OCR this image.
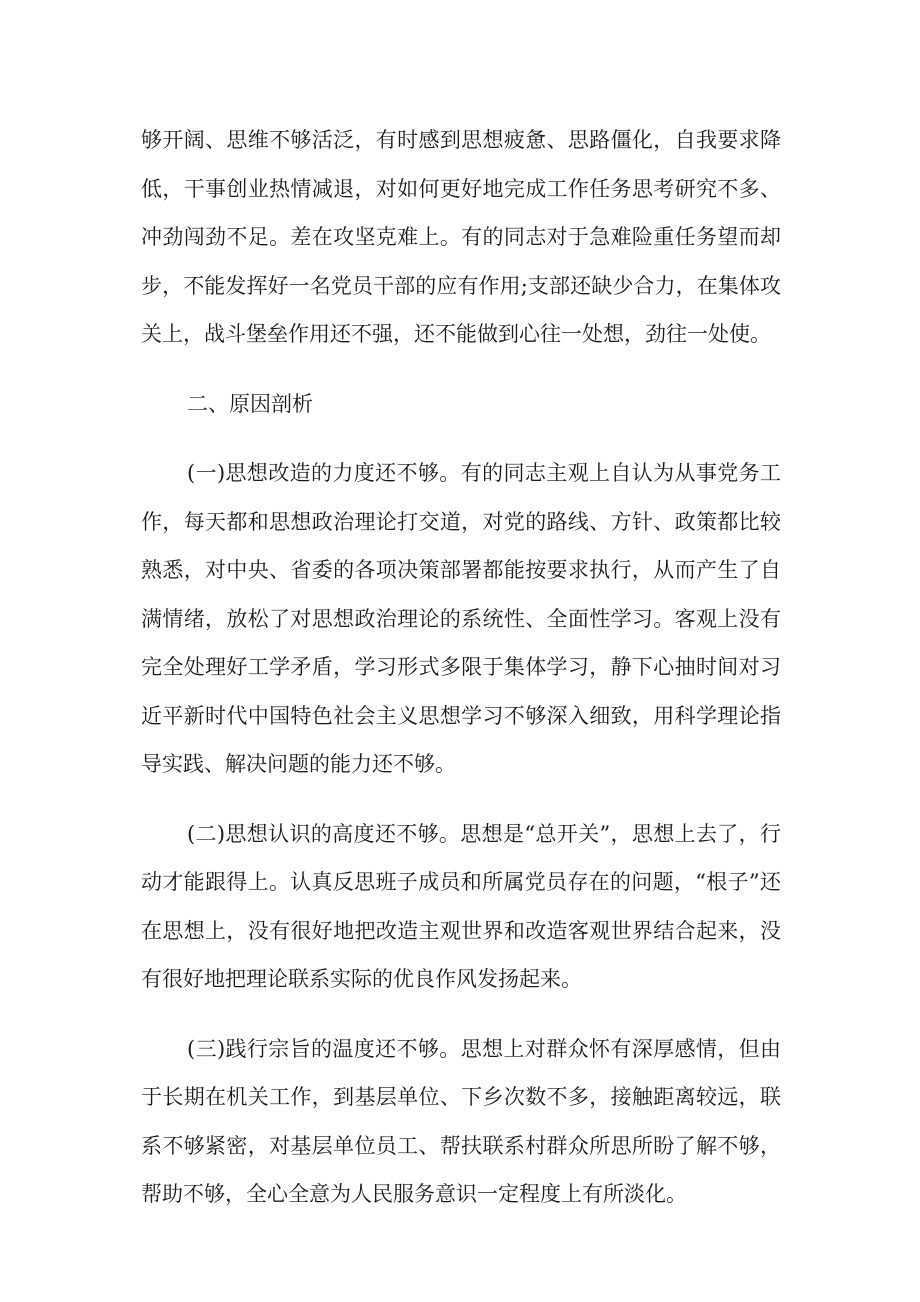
够开阔、思维不够活泛，有时感到思想疲惫、思路僵化，自我要求降低，干事创业热情减退，对如何更好地完成工作任务思考研究不多、冲劲闯劲不足。差在攻坚克难上。有的同志对于急难险重任务望而却步，不能发挥好一名党员干部的应有作用;支部还缺少合力，在集体攻关上，战斗堡垒作用还不强，还不能做到心往一处想，劲往一处使。

二、原因剖析

(一)思想改造的力度还不够。有的同志主观上自认为从事党务工作，每天都和思想政治理论打交道，对党的路线、方针、政策都比较熟悉，对中央、省委的各项决策部署都能按要求执行，从而产生了自满情绪，放松了对思想政治理论的系统性、全面性学习。客观上没有完全处理好工学矛盾，学习形式多限于集体学习，静下心抽时间对习近平新时代中国特色社会主义思想学习不够深入细致，用科学理论指导实践、解决问题的能力还不够。

(二)思想认识的高度还不够。思想是“总开关”，思想上去了，行动才能跟得上。认真反思班子成员和所属党员存在的问题，“根子”还在思想上，没有很好地把改造主观世界和改造客观世界结合起来，没有很好地把理论联系实际的优良作风发扬起来。

(三)践行宗旨的温度还不够。思想上对群众怀有深厚感情，但由于长期在机关工作，到基层单位、下乡次数不多，接触距离较远，联系不够紧密，对基层单位员工、帮扶联系村群众所思所盼了解不够，帮助不够，全心全意为人民服务意识一定程度上有所淡化。
